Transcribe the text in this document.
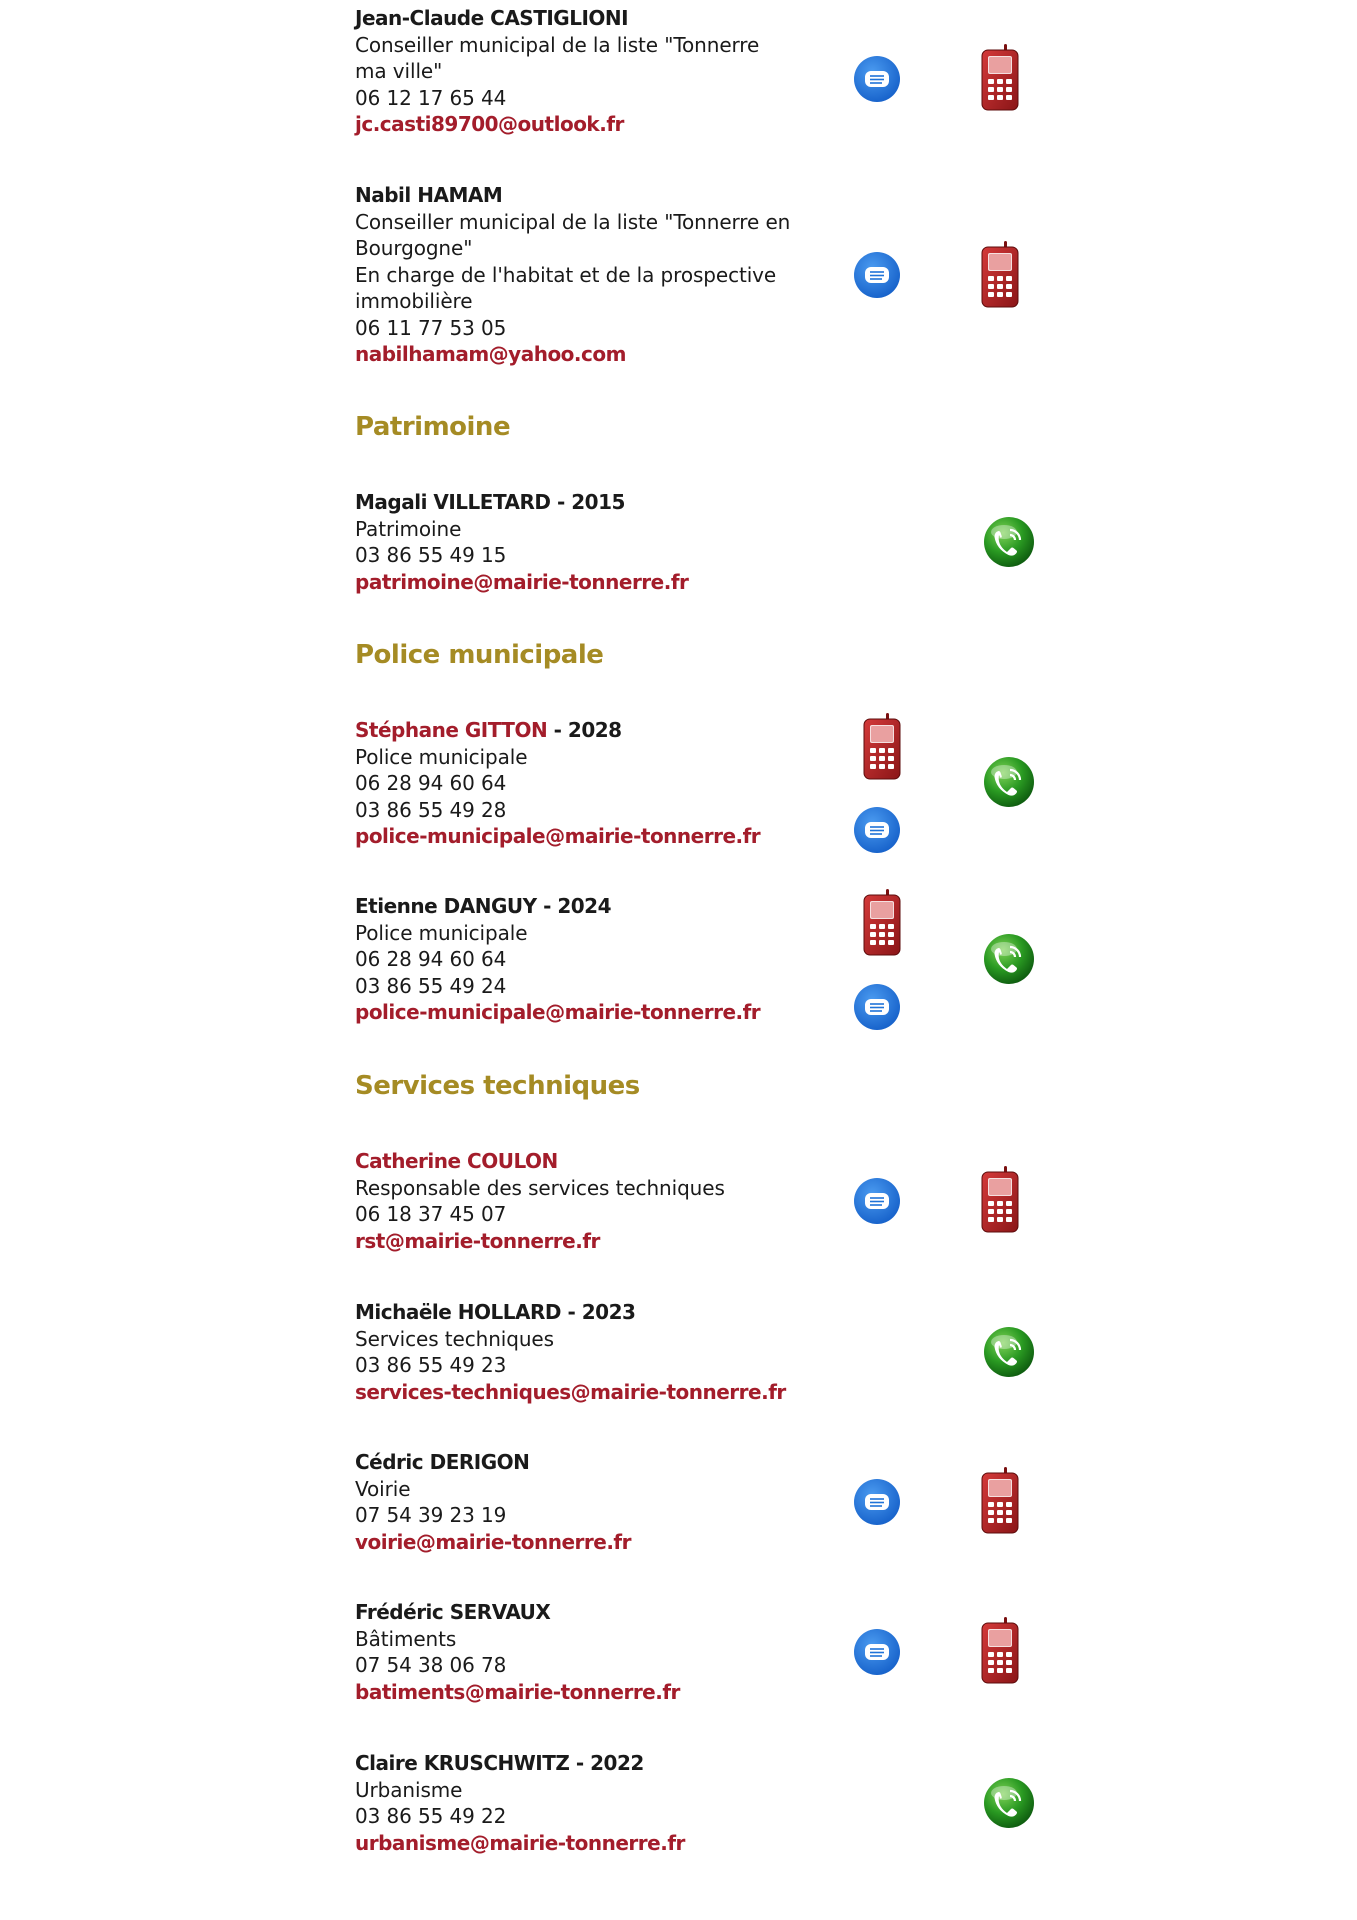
Jean-Claude CASTIGLIONI
Conseiller municipal de la liste "Tonnerre ma ville"
06 12 17 65 44
jc.casti89700@outlook.fr
Nabil HAMAM
Conseiller municipal de la liste "Tonnerre en Bourgogne"
En charge de l'habitat et de la prospective immobilière
06 11 77 53 05
nabilhamam@yahoo.com
Patrimoine
Magali VILLETARD - 2015
Patrimoine
03 86 55 49 15
patrimoine@mairie-tonnerre.fr
Police municipale
Stéphane GITTON - 2028
Police municipale
06 28 94 60 64
03 86 55 49 28
police-municipale@mairie-tonnerre.fr
Etienne DANGUY - 2024
Police municipale
06 28 94 60 64
03 86 55 49 24
police-municipale@mairie-tonnerre.fr
Services techniques
Catherine COULON
Responsable des services techniques
06 18 37 45 07
rst@mairie-tonnerre.fr
Michaële HOLLARD - 2023
Services techniques
03 86 55 49 23
services-techniques@mairie-tonnerre.fr
Cédric DERIGON
Voirie
07 54 39 23 19
voirie@mairie-tonnerre.fr
Frédéric SERVAUX
Bâtiments
07 54 38 06 78
batiments@mairie-tonnerre.fr
Claire KRUSCHWITZ - 2022
Urbanisme
03 86 55 49 22
urbanisme@mairie-tonnerre.fr
